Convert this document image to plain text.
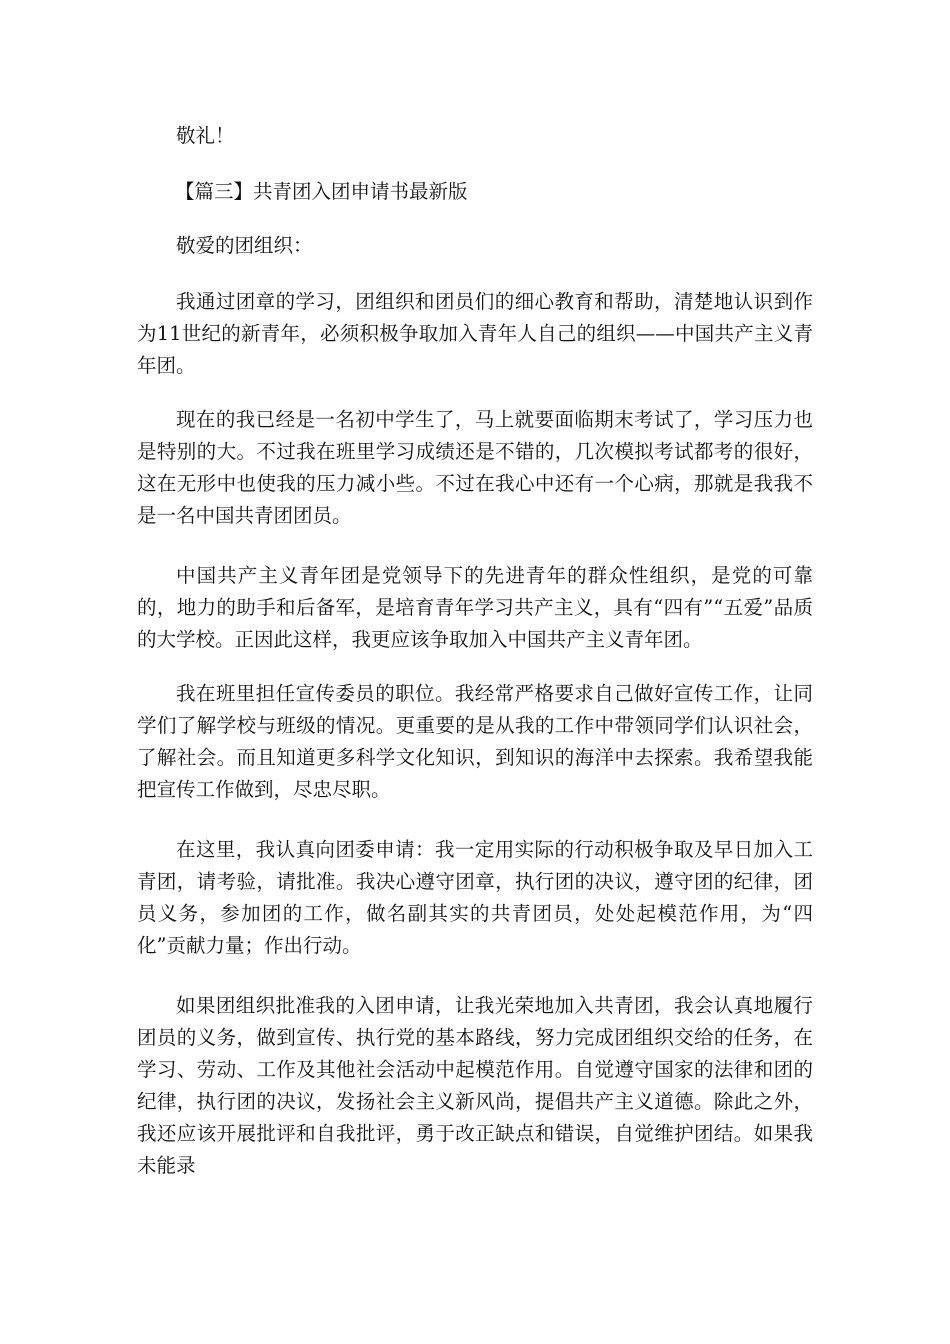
敬礼！

【篇三】共青团入团申请书最新版

敬爱的团组织：

我通过团章的学习，团组织和团员们的细心教育和帮助，清楚地认识到作为11世纪的新青年，必须积极争取加入青年人自己的组织——中国共产主义青年团。

现在的我已经是一名初中学生了，马上就要面临期末考试了，学习压力也是特别的大。不过我在班里学习成绩还是不错的，几次模拟考试都考的很好，这在无形中也使我的压力减小些。不过在我心中还有一个心病，那就是我我不是一名中国共青团团员。

中国共产主义青年团是党领导下的先进青年的群众性组织，是党的可靠的，地力的助手和后备军，是培育青年学习共产主义，具有“四有”“五爱”品质的大学校。正因此这样，我更应该争取加入中国共产主义青年团。

我在班里担任宣传委员的职位。我经常严格要求自己做好宣传工作，让同学们了解学校与班级的情况。更重要的是从我的工作中带领同学们认识社会，了解社会。而且知道更多科学文化知识，到知识的海洋中去探索。我希望我能把宣传工作做到，尽忠尽职。

在这里，我认真向团委申请：我一定用实际的行动积极争取及早日加入工青团，请考验，请批准。我决心遵守团章，执行团的决议，遵守团的纪律，团员义务，参加团的工作，做名副其实的共青团员，处处起模范作用，为“四化”贡献力量；作出行动。

如果团组织批准我的入团申请，让我光荣地加入共青团，我会认真地履行团员的义务，做到宣传、执行党的基本路线，努力完成团组织交给的任务，在学习、劳动、工作及其他社会活动中起模范作用。自觉遵守国家的法律和团的纪律，执行团的决议，发扬社会主义新风尚，提倡共产主义道德。除此之外，我还应该开展批评和自我批评，勇于改正缺点和错误，自觉维护团结。如果我未能录
